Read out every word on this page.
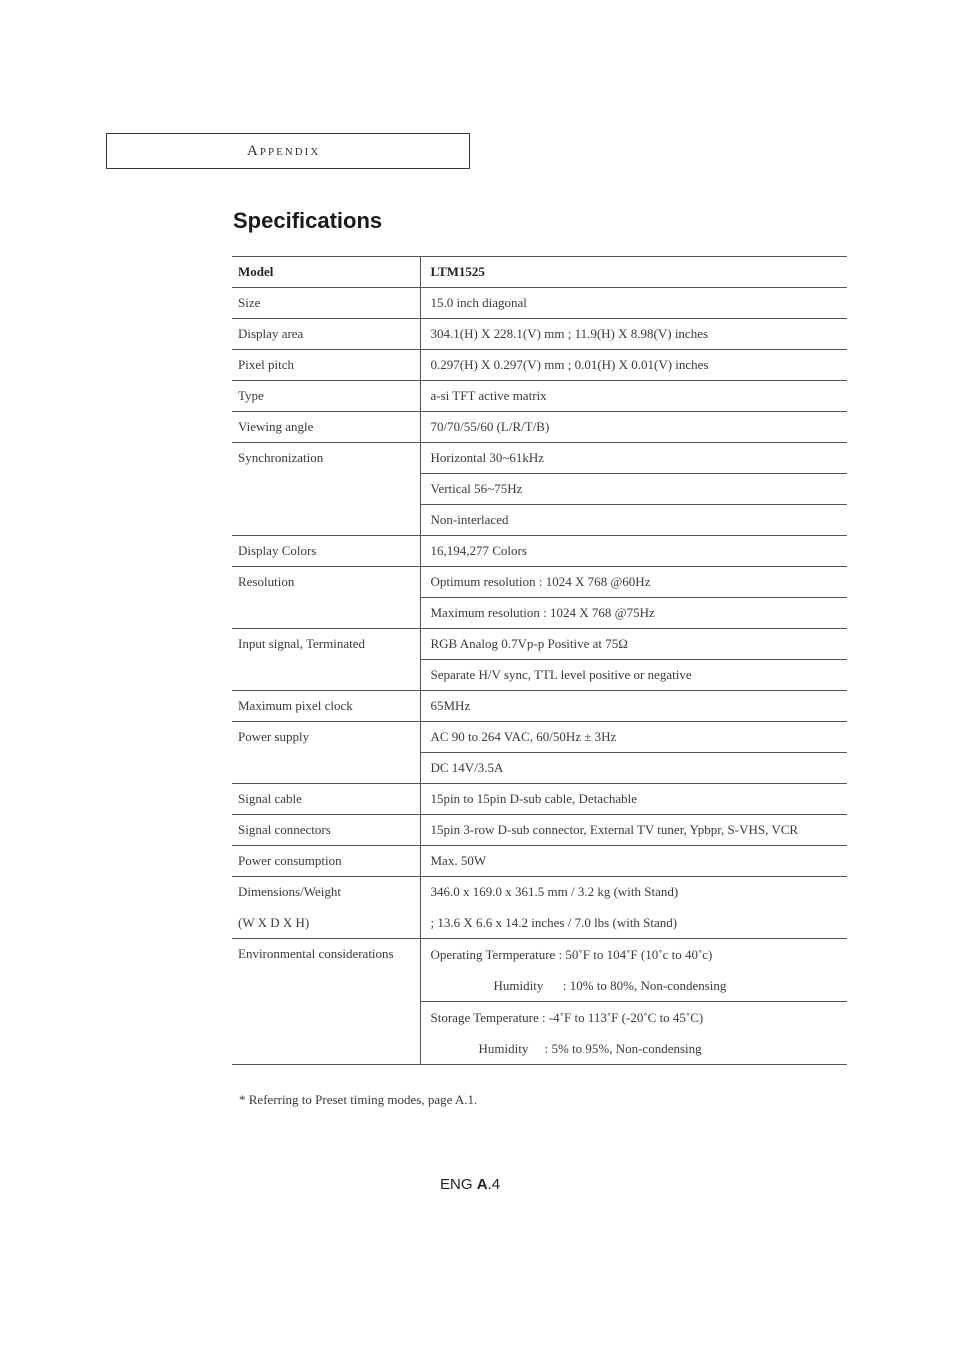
Appendix
Specifications
Model	LTM1525
Size	15.0 inch diagonal
Display area	304.1(H) X 228.1(V) mm ; 11.9(H) X 8.98(V) inches
Pixel pitch	0.297(H) X 0.297(V) mm ; 0.01(H) X 0.01(V) inches
Type	a-si TFT active matrix
Viewing angle	70/70/55/60 (L/R/T/B)
Synchronization	Horizontal 30~61kHz
	Vertical 56~75Hz
	Non-interlaced
Display Colors	16,194,277 Colors
Resolution	Optimum resolution : 1024 X 768 @60Hz
	Maximum resolution : 1024 X 768 @75Hz
Input signal, Terminated	RGB Analog 0.7Vp-p Positive at 75Ω
	Separate H/V sync, TTL level positive or negative
Maximum pixel clock	65MHz
Power supply	AC 90 to 264 VAC, 60/50Hz ± 3Hz
	DC 14V/3.5A
Signal cable	15pin to 15pin D-sub cable, Detachable
Signal connectors	15pin 3-row D-sub connector, External TV tuner, Ypbpr, S-VHS, VCR
Power consumption	Max. 50W
Dimensions/Weight	346.0 x 169.0 x 361.5 mm / 3.2 kg (with Stand)
(W X D X H)	; 13.6 X 6.6 x 14.2 inches / 7.0 lbs (with Stand)
Environmental considerations	Operating Termperature : 50˚F to 104˚F (10˚c to 40˚c)
Humidity      : 10% to 80%, Non-condensing

	Storage Temperature : -4˚F to 113˚F (-20˚C to 45˚C)
Humidity     : 5% to 95%, Non-condensing
* Referring to Preset timing modes, page A.1.
ENG A.4
